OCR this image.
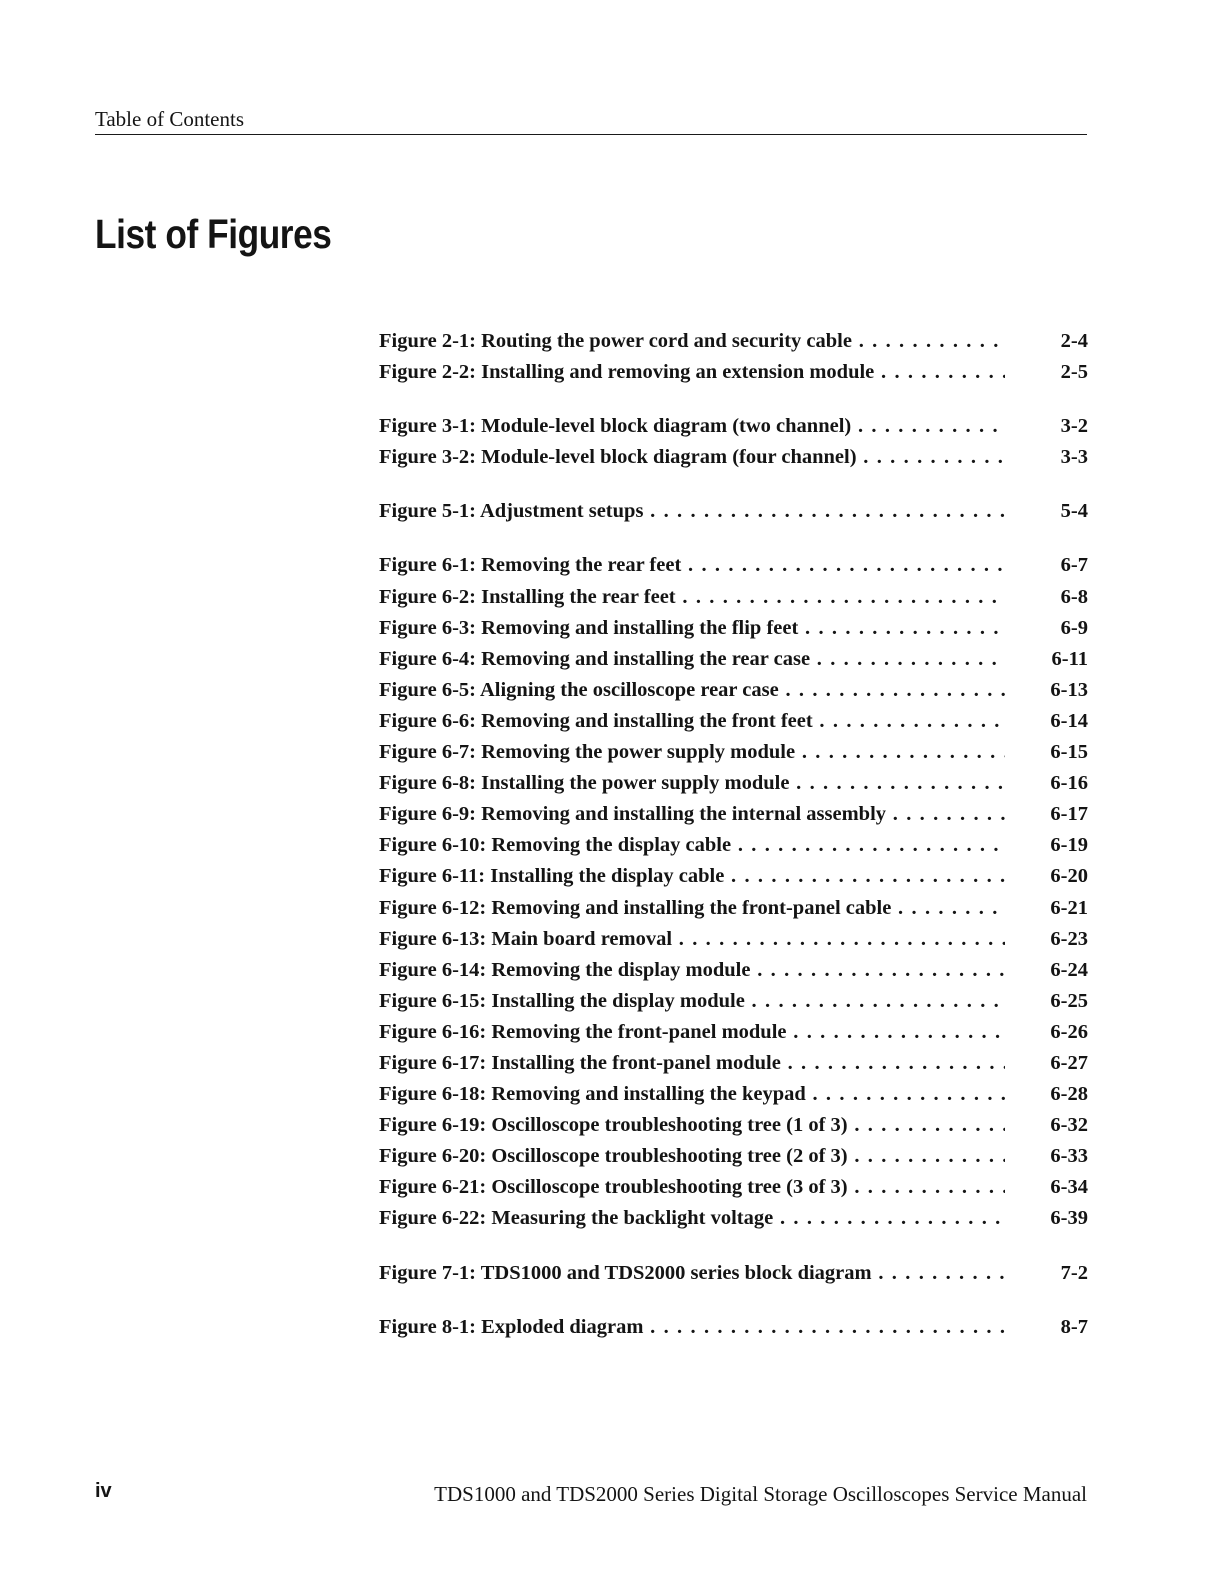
Table of Contents
List of Figures
Figure 2-1: Routing the power cord and security cable . . .	2-4
Figure 2-2: Installing and removing an extension module . . .	2-5
Figure 3-1: Module-level block diagram (two channel) . . .	3-2
Figure 3-2: Module-level block diagram (four channel) . . .	3-3
Figure 5-1: Adjustment setups . . .	5-4
Figure 6-1: Removing the rear feet . . .	6-7
Figure 6-2: Installing the rear feet . . .	6-8
Figure 6-3: Removing and installing the flip feet . . .	6-9
Figure 6-4: Removing and installing the rear case . . .	6-11
Figure 6-5: Aligning the oscilloscope rear case . . .	6-13
Figure 6-6: Removing and installing the front feet . . .	6-14
Figure 6-7: Removing the power supply module . . .	6-15
Figure 6-8: Installing the power supply module . . .	6-16
Figure 6-9: Removing and installing the internal assembly . . .	6-17
Figure 6-10: Removing the display cable . . .	6-19
Figure 6-11: Installing the display cable . . .	6-20
Figure 6-12: Removing and installing the front-panel cable . . .	6-21
Figure 6-13: Main board removal . . .	6-23
Figure 6-14: Removing the display module . . .	6-24
Figure 6-15: Installing the display module . . .	6-25
Figure 6-16: Removing the front-panel module . . .	6-26
Figure 6-17: Installing the front-panel module . . .	6-27
Figure 6-18: Removing and installing the keypad . . .	6-28
Figure 6-19: Oscilloscope troubleshooting tree (1 of 3) . . .	6-32
Figure 6-20: Oscilloscope troubleshooting tree (2 of 3) . . .	6-33
Figure 6-21: Oscilloscope troubleshooting tree (3 of 3) . . .	6-34
Figure 6-22: Measuring the backlight voltage . . .	6-39
Figure 7-1: TDS1000 and TDS2000 series block diagram . . .	7-2
Figure 8-1: Exploded diagram . . .	8-7
iv	TDS1000 and TDS2000 Series Digital Storage Oscilloscopes Service Manual
